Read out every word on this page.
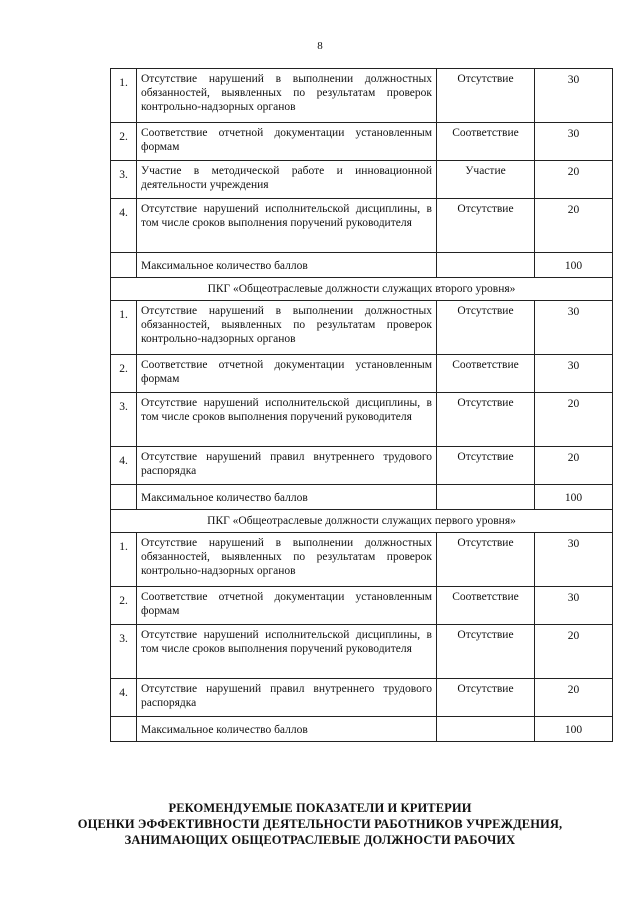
8
1.	Отсутствие нарушений в выполнении должностных обязанностей, выявленных по результатам проверок контрольно-надзорных органов	Отсутствие	30
2.	Соответствие отчетной документации установленным формам	Соответствие	30
3.	Участие в методической работе и инновационной деятельности учреждения	Участие	20
4.	Отсутствие нарушений исполнительской дисциплины, в том числе сроков выполнения поручений руководителя	Отсутствие	20
	Максимальное количество баллов		100
ПКГ «Общеотраслевые должности служащих второго уровня»			
1.	Отсутствие нарушений в выполнении должностных обязанностей, выявленных по результатам проверок контрольно-надзорных органов	Отсутствие	30
2.	Соответствие отчетной документации установленным формам	Соответствие	30
3.	Отсутствие нарушений исполнительской дисциплины, в том числе сроков выполнения поручений руководителя	Отсутствие	20
4.	Отсутствие нарушений правил внутреннего трудового распорядка	Отсутствие	20
	Максимальное количество баллов		100
ПКГ «Общеотраслевые должности служащих первого уровня»			
1.	Отсутствие нарушений в выполнении должностных обязанностей, выявленных по результатам проверок контрольно-надзорных органов	Отсутствие	30
2.	Соответствие отчетной документации установленным формам	Соответствие	30
3.	Отсутствие нарушений исполнительской дисциплины, в том числе сроков выполнения поручений руководителя	Отсутствие	20
4.	Отсутствие нарушений правил внутреннего трудового распорядка	Отсутствие	20
	Максимальное количество баллов		100
РЕКОМЕНДУЕМЫЕ ПОКАЗАТЕЛИ И КРИТЕРИИ
ОЦЕНКИ ЭФФЕКТИВНОСТИ ДЕЯТЕЛЬНОСТИ РАБОТНИКОВ УЧРЕЖДЕНИЯ,
ЗАНИМАЮЩИХ ОБЩЕОТРАСЛЕВЫЕ ДОЛЖНОСТИ РАБОЧИХ
